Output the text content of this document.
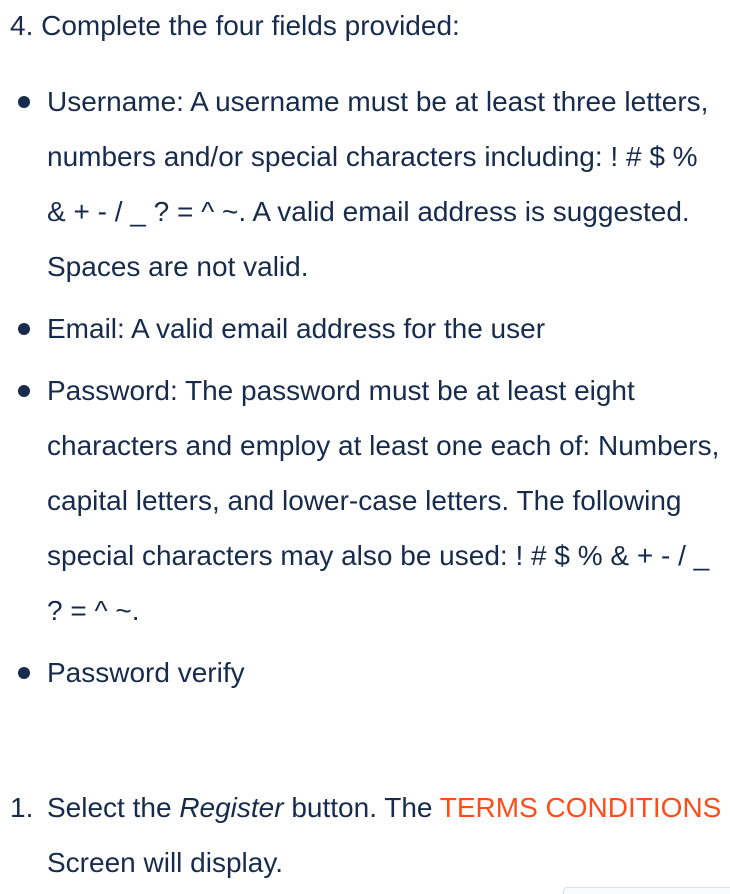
4. Complete the four fields provided:
Username: A username must be at least three letters, numbers and/or special characters including: ! # $ % & + - / _ ? = ^ ~. A valid email address is suggested. Spaces are not valid.
Email: A valid email address for the user
Password: The password must be at least eight characters and employ at least one each of: Numbers, capital letters, and lower-case letters. The following special characters may also be used: ! # $ % & + - / _ ? = ^ ~.
Password verify
1. Select the Register button. The TERMS CONDITIONS Screen will display.
